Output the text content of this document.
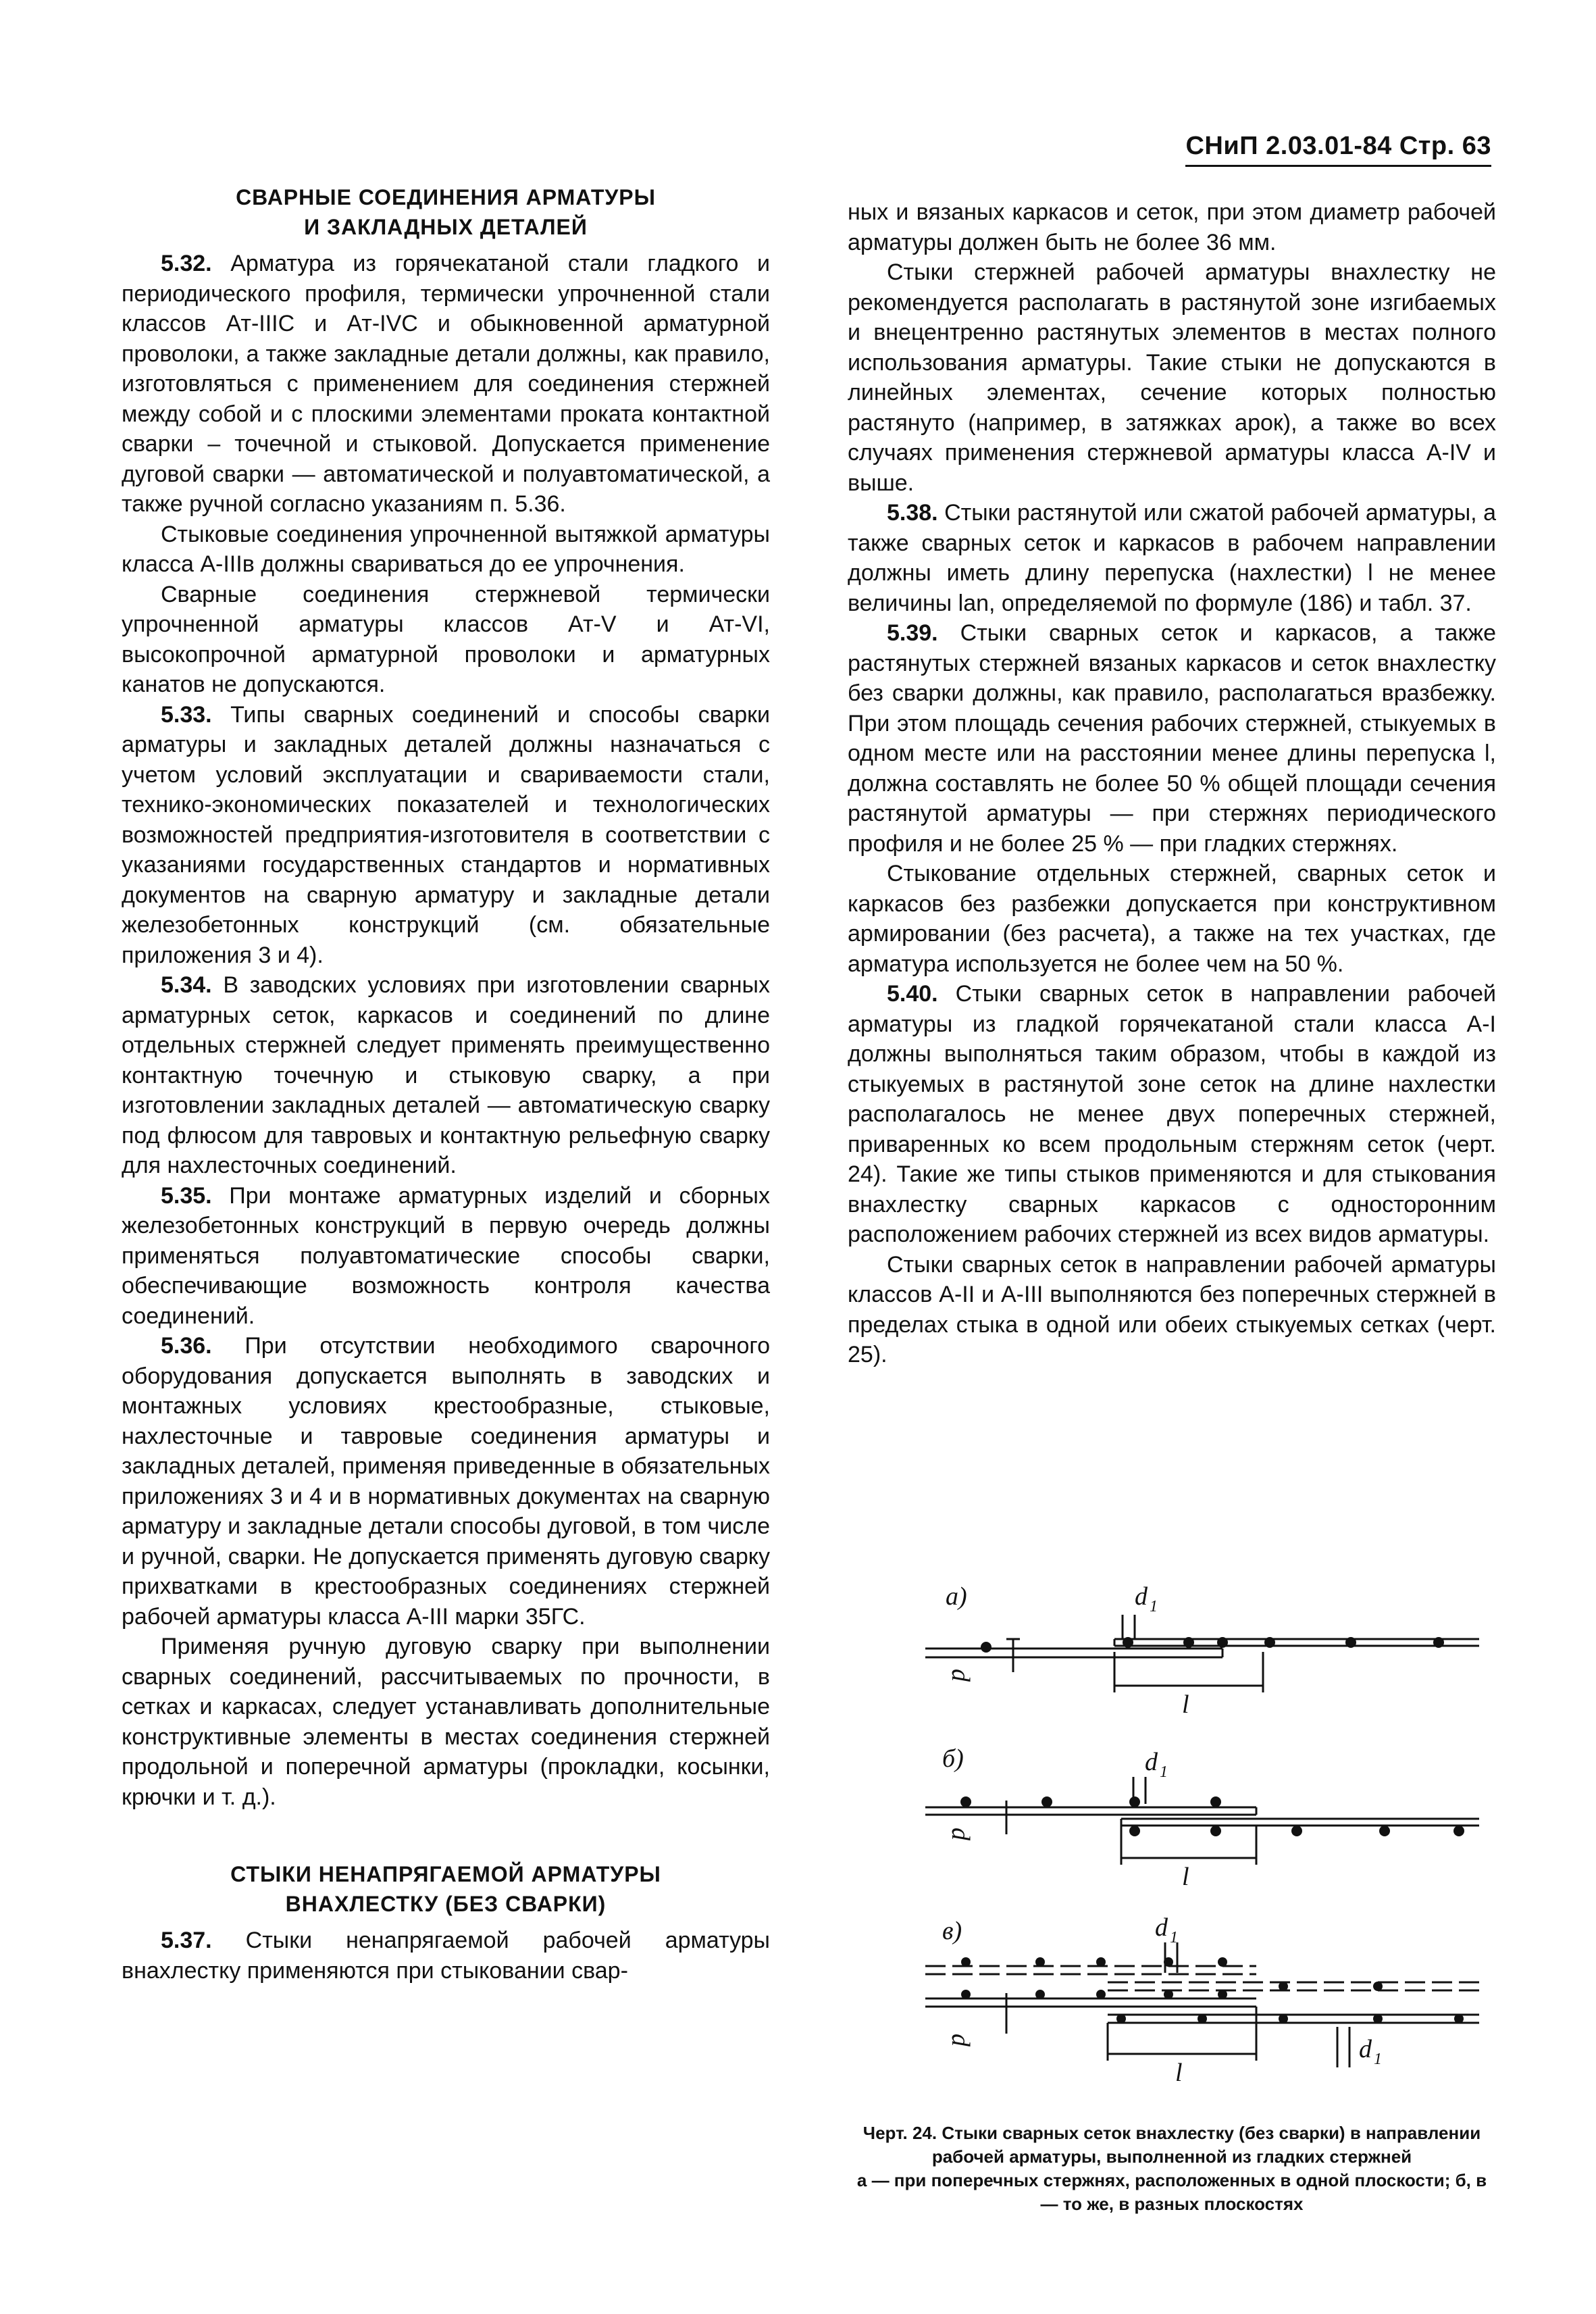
СНиП 2.03.01-84 Стр. 63
СВАРНЫЕ СОЕДИНЕНИЯ АРМАТУРЫ
И ЗАКЛАДНЫХ ДЕТАЛЕЙ

5.32. Арматура из горячекатаной стали гладкого и периодического профиля, термически упрочненной стали классов Ат-IIIС и Ат-IVС и обыкновенной арматурной проволоки, а также закладные детали должны, как правило, изготовляться с применением для соединения стержней между собой и с плоскими элементами проката контактной сварки – точечной и стыковой. Допускается применение дуговой сварки — автоматической и полуавтоматической, а также ручной согласно указаниям п. 5.36.

Стыковые соединения упрочненной вытяжкой арматуры класса А-IIIв должны свариваться до ее упрочнения.

Сварные соединения стержневой термически упрочненной арматуры классов Ат-V и Ат-VI, высокопрочной арматурной проволоки и арматурных канатов не допускаются.

5.33. Типы сварных соединений и способы сварки арматуры и закладных деталей должны назначаться с учетом условий эксплуатации и свариваемости стали, технико-экономических показателей и технологических возможностей предприятия-изготовителя в соответствии с указаниями государственных стандартов и нормативных документов на сварную арматуру и закладные детали железобетонных конструкций (см. обязательные приложения 3 и 4).

5.34. В заводских условиях при изготовлении сварных арматурных сеток, каркасов и соединений по длине отдельных стержней следует применять преимущественно контактную точечную и стыковую сварку, а при изготовлении закладных деталей — автоматическую сварку под флюсом для тавровых и контактную рельефную сварку для нахлесточных соединений.

5.35. При монтаже арматурных изделий и сборных железобетонных конструкций в первую очередь должны применяться полуавтоматические способы сварки, обеспечивающие возможность контроля качества соединений.

5.36. При отсутствии необходимого сварочного оборудования допускается выполнять в заводских и монтажных условиях крестообразные, стыковые, нахлесточные и тавровые соединения арматуры и закладных деталей, применяя приведенные в обязательных приложениях 3 и 4 и в нормативных документах на сварную арматуру и закладные детали способы дуговой, в том числе и ручной, сварки. Не допускается применять дуговую сварку прихватками в крестообразных соединениях стержней рабочей арматуры класса А-III марки 35ГС.

Применяя ручную дуговую сварку при выполнении сварных соединений, рассчитываемых по прочности, в сетках и каркасах, следует устанавливать дополнительные конструктивные элементы в местах соединения стержней продольной и поперечной арматуры (прокладки, косынки, крючки и т. д.).

СТЫКИ НЕНАПРЯГАЕМОЙ АРМАТУРЫ
ВНАХЛЕСТКУ (БЕЗ СВАРКИ)

5.37. Стыки ненапрягаемой рабочей арматуры внахлестку применяются при стыковании свар-

ных и вязаных каркасов и сеток, при этом диаметр рабочей арматуры должен быть не более 36 мм.

Стыки стержней рабочей арматуры внахлестку не рекомендуется располагать в растянутой зоне изгибаемых и внецентренно растянутых элементов в местах полного использования арматуры. Такие стыки не допускаются в линейных элементах, сечение которых полностью растянуто (например, в затяжках арок), а также во всех случаях применения стержневой арматуры класса А-IV и выше.

5.38. Стыки растянутой или сжатой рабочей арматуры, а также сварных сеток и каркасов в рабочем направлении должны иметь длину перепуска (нахлестки) l не менее величины lan, определяемой по формуле (186) и табл. 37.

5.39. Стыки сварных сеток и каркасов, а также растянутых стержней вязаных каркасов и сеток внахлестку без сварки должны, как правило, располагаться вразбежку. При этом площадь сечения рабочих стержней, стыкуемых в одном месте или на расстоянии менее длины перепуска l, должна составлять не более 50 % общей площади сечения растянутой арматуры — при стержнях периодического профиля и не более 25 % — при гладких стержнях.

Стыкование отдельных стержней, сварных сеток и каркасов без разбежки допускается при конструктивном армировании (без расчета), а также на тех участках, где арматура используется не более чем на 50 %.

5.40. Стыки сварных сеток в направлении рабочей арматуры из гладкой горячекатаной стали класса А-I должны выполняться таким образом, чтобы в каждой из стыкуемых в растянутой зоне сеток на длине нахлестки располагалось не менее двух поперечных стержней, приваренных ко всем продольным стержням сеток (черт. 24). Такие же типы стыков применяются и для стыкования внахлестку сварных каркасов с односторонним расположением рабочих стержней из всех видов арматуры.

Стыки сварных сеток в направлении рабочей арматуры классов А-II и А-III выполняются без поперечных стержней в пределах стыка в одной или обеих стыкуемых сетках (черт. 25).

а)
d
d 1
l
б)
d
d 1
l
в)
d
d 1
l
d 1
Черт. 24. Стыки сварных сеток внахлестку (без сварки) в направлении рабочей арматуры, выполненной из гладких стержней
а — при поперечных стержнях, расположенных в одной плоскости; б, в — то же, в разных плоскостях
